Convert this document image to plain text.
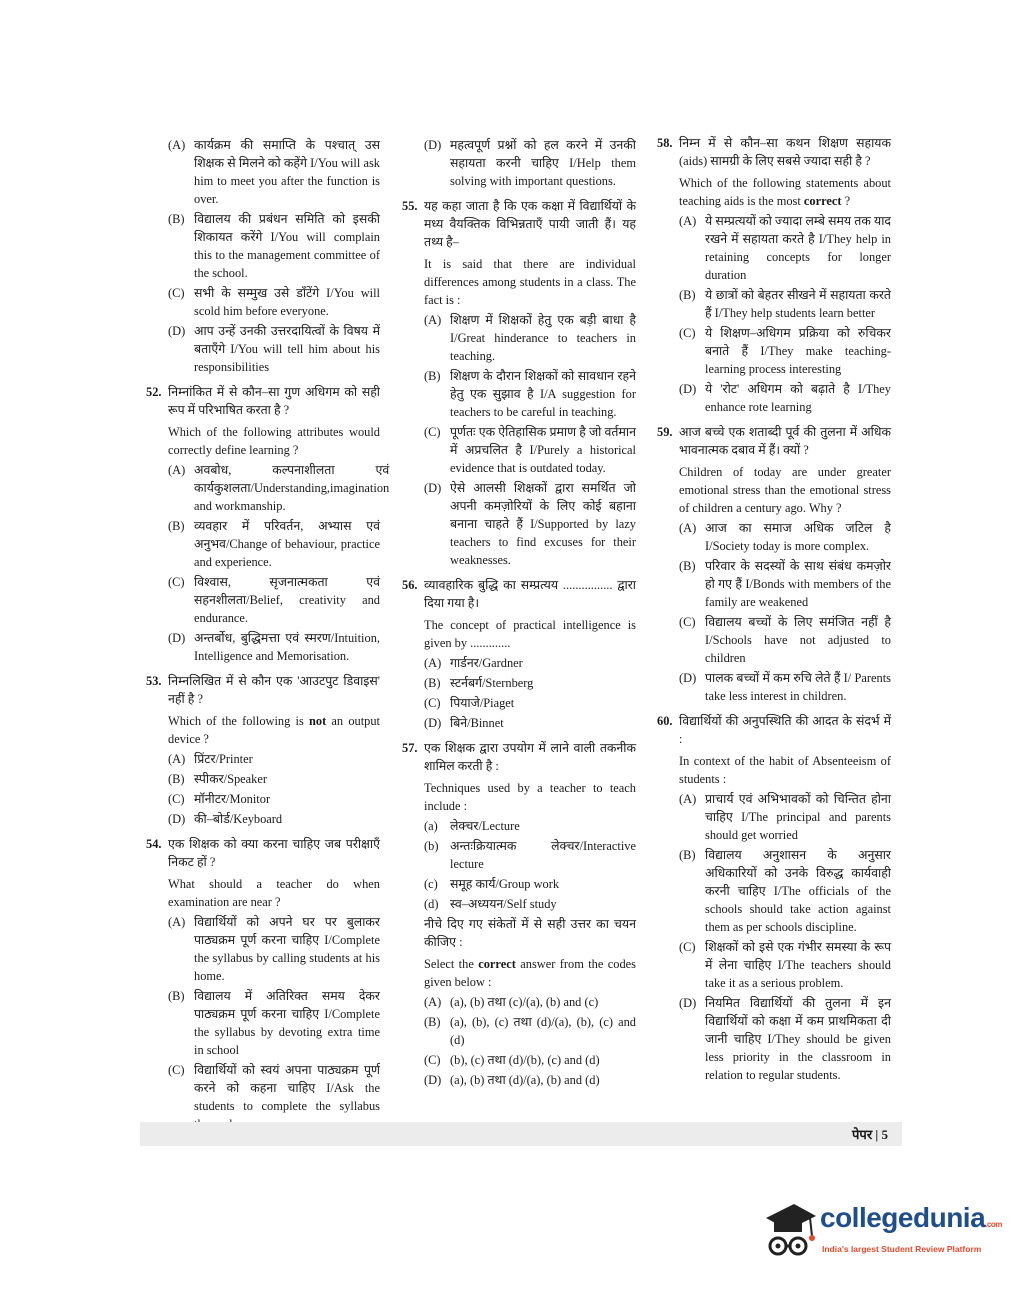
(A) कार्यक्रम की समाप्ति के पश्चात् उस शिक्षक से मिलने को कहेंगे I/You will ask him to meet you after the function is over.
(B) विद्यालय की प्रबंधन समिति को इसकी शिकायत करेंगे I/You will complain this to the management committee of the school.
(C) सभी के सम्मुख उसे डाँटेंगे I/You will scold him before everyone.
(D) आप उन्हें उनकी उत्तरदायित्वों के विषय में बताएँगे I/You will tell him about his responsibilities
52. निम्नांकित में से कौन–सा गुण अधिगम को सही रूप में परिभाषित करता है ?
Which of the following attributes would correctly define learning ?
(A) अवबोध, कल्पनाशीलता एवं कार्यकुशलता/Understanding,imagination and workmanship.
(B) व्यवहार में परिवर्तन, अभ्यास एवं अनुभव/Change of behaviour, practice and experience.
(C) विश्वास, सृजनात्मकता एवं सहनशीलता/Belief, creativity and endurance.
(D) अन्तर्बोध, बुद्धिमत्ता एवं स्मरण/Intuition, Intelligence and Memorisation.
53. निम्नलिखित में से कौन एक 'आउटपुट डिवाइस' नहीं है ?
Which of the following is not an output device ?
(A) प्रिंटर/Printer
(B) स्पीकर/Speaker
(C) मॉनीटर/Monitor
(D) की–बोर्ड/Keyboard
54. एक शिक्षक को क्या करना चाहिए जब परीक्षाएँ निकट हों ?
What should a teacher do when examination are near ?
(A) विद्यार्थियों को अपने घर पर बुलाकर पाठ्यक्रम पूर्ण करना चाहिए I/Complete the syllabus by calling students at his home.
(B) विद्यालय में अतिरिक्त समय देकर पाठ्यक्रम पूर्ण करना चाहिए I/Complete the syllabus by devoting extra time in school
(C) विद्यार्थियों को स्वयं अपना पाठ्यक्रम पूर्ण करने को कहना चाहिए I/Ask the students to complete the syllabus
(D) महत्वपूर्ण प्रश्नों को हल करने में उनकी सहायता करनी चाहिए I/Help them solving with important questions.
55. यह कहा जाता है कि एक कक्षा में विद्यार्थियों के मध्य वैयक्तिक विभिन्नताएँ पायी जाती हैं। यह तथ्य है–
It is said that there are individual differences among students in a class. The fact is :
(A) शिक्षण में शिक्षकों हेतु एक बड़ी बाधा है I/Great hinderance to teachers in teaching.
(B) शिक्षण के दौरान शिक्षकों को सावधान रहने हेतु एक सुझाव है I/A suggestion for teachers to be careful in teaching.
(C) पूर्णतः एक ऐतिहासिक प्रमाण है जो वर्तमान में अप्रचलित है I/Purely a historical evidence that is outdated today.
(D) ऐसे आलसी शिक्षकों द्वारा समर्थित जो अपनी कमज़ोरियों के लिए कोई बहाना बनाना चाहते हैं I/Supported by lazy teachers to find excuses for their weaknesses.
56. व्यावहारिक बुद्धि का सम्प्रत्यय ................ द्वारा दिया गया है।
The concept of practical intelligence is given by .............
(A) गार्डनर/Gardner
(B) स्टर्नबर्ग/Sternberg
(C) पियाजे/Piaget
(D) बिने/Binnet
57. एक शिक्षक द्वारा उपयोग में लाने वाली तकनीक शामिल करती है :
Techniques used by a teacher to teach include :
(a) लेक्चर/Lecture
(b) अन्तःक्रियात्मक लेक्चर/Interactive lecture
(c) समूह कार्य/Group work
(d) स्व–अध्ययन/Self study
नीचे दिए गए संकेतों में से सही उत्तर का चयन कीजिए :
Select the correct answer from the codes given below :
(A) (a), (b) तथा (c)/(a), (b) and (c)
(B) (a), (b), (c) तथा (d)/(a), (b), (c) and (d)
(C) (b), (c) तथा (d)/(b), (c) and (d)
(D) (a), (b) तथा (d)/(a), (b) and (d)
58. निम्न में से कौन–सा कथन शिक्षण सहायक (aids) सामग्री के लिए सबसे ज्यादा सही है ?
Which of the following statements about teaching aids is the most correct ?
(A) ये सम्प्रत्ययों को ज्यादा लम्बे समय तक याद रखने में सहायता करते है I/They help in retaining concepts for longer duration
(B) ये छात्रों को बेहतर सीखने में सहायता करते हैं I/They help students learn better
(C) ये शिक्षण–अधिगम प्रक्रिया को रुचिकर बनाते हैं I/They make teaching-learning process interesting
(D) ये 'रोट' अधिगम को बढ़ाते है I/They enhance rote learning
59. आज बच्चे एक शताब्दी पूर्व की तुलना में अधिक भावनात्मक दबाव में हैं। क्यों ?
Children of today are under greater emotional stress than the emotional stress of children a century ago. Why ?
(A) आज का समाज अधिक जटिल है I/Society today is more complex.
(B) परिवार के सदस्यों के साथ संबंध कमज़ोर हो गए हैं I/Bonds with members of the family are weakened
(C) विद्यालय बच्चों के लिए समंजित नहीं है I/Schools have not adjusted to children
(D) पालक बच्चों में कम रुचि लेते हैं I/ Parents take less interest in children.
60. विद्यार्थियों की अनुपस्थिति की आदत के संदर्भ में :
In context of the habit of Absenteeism of students :
(A) प्राचार्य एवं अभिभावकों को चिन्तित होना चाहिए I/The principal and parents should get worried
(B) विद्यालय अनुशासन के अनुसार अधिकारियों को उनके विरुद्ध कार्यवाही करनी चाहिए I/The officials of the schools should take action against them as per schools discipline.
(C) शिक्षकों को इसे एक गंभीर समस्या के रूप में लेना चाहिए I/The teachers should take it as a serious problem.
(D) नियमित विद्यार्थियों की तुलना में इन विद्यार्थियों को कक्षा में कम प्राथमिकता दी जानी चाहिए I/They should be given less priority in the classroom in relation to regular students.
पेपर | 5
collegedunia.com
India's largest Student Review Platform
